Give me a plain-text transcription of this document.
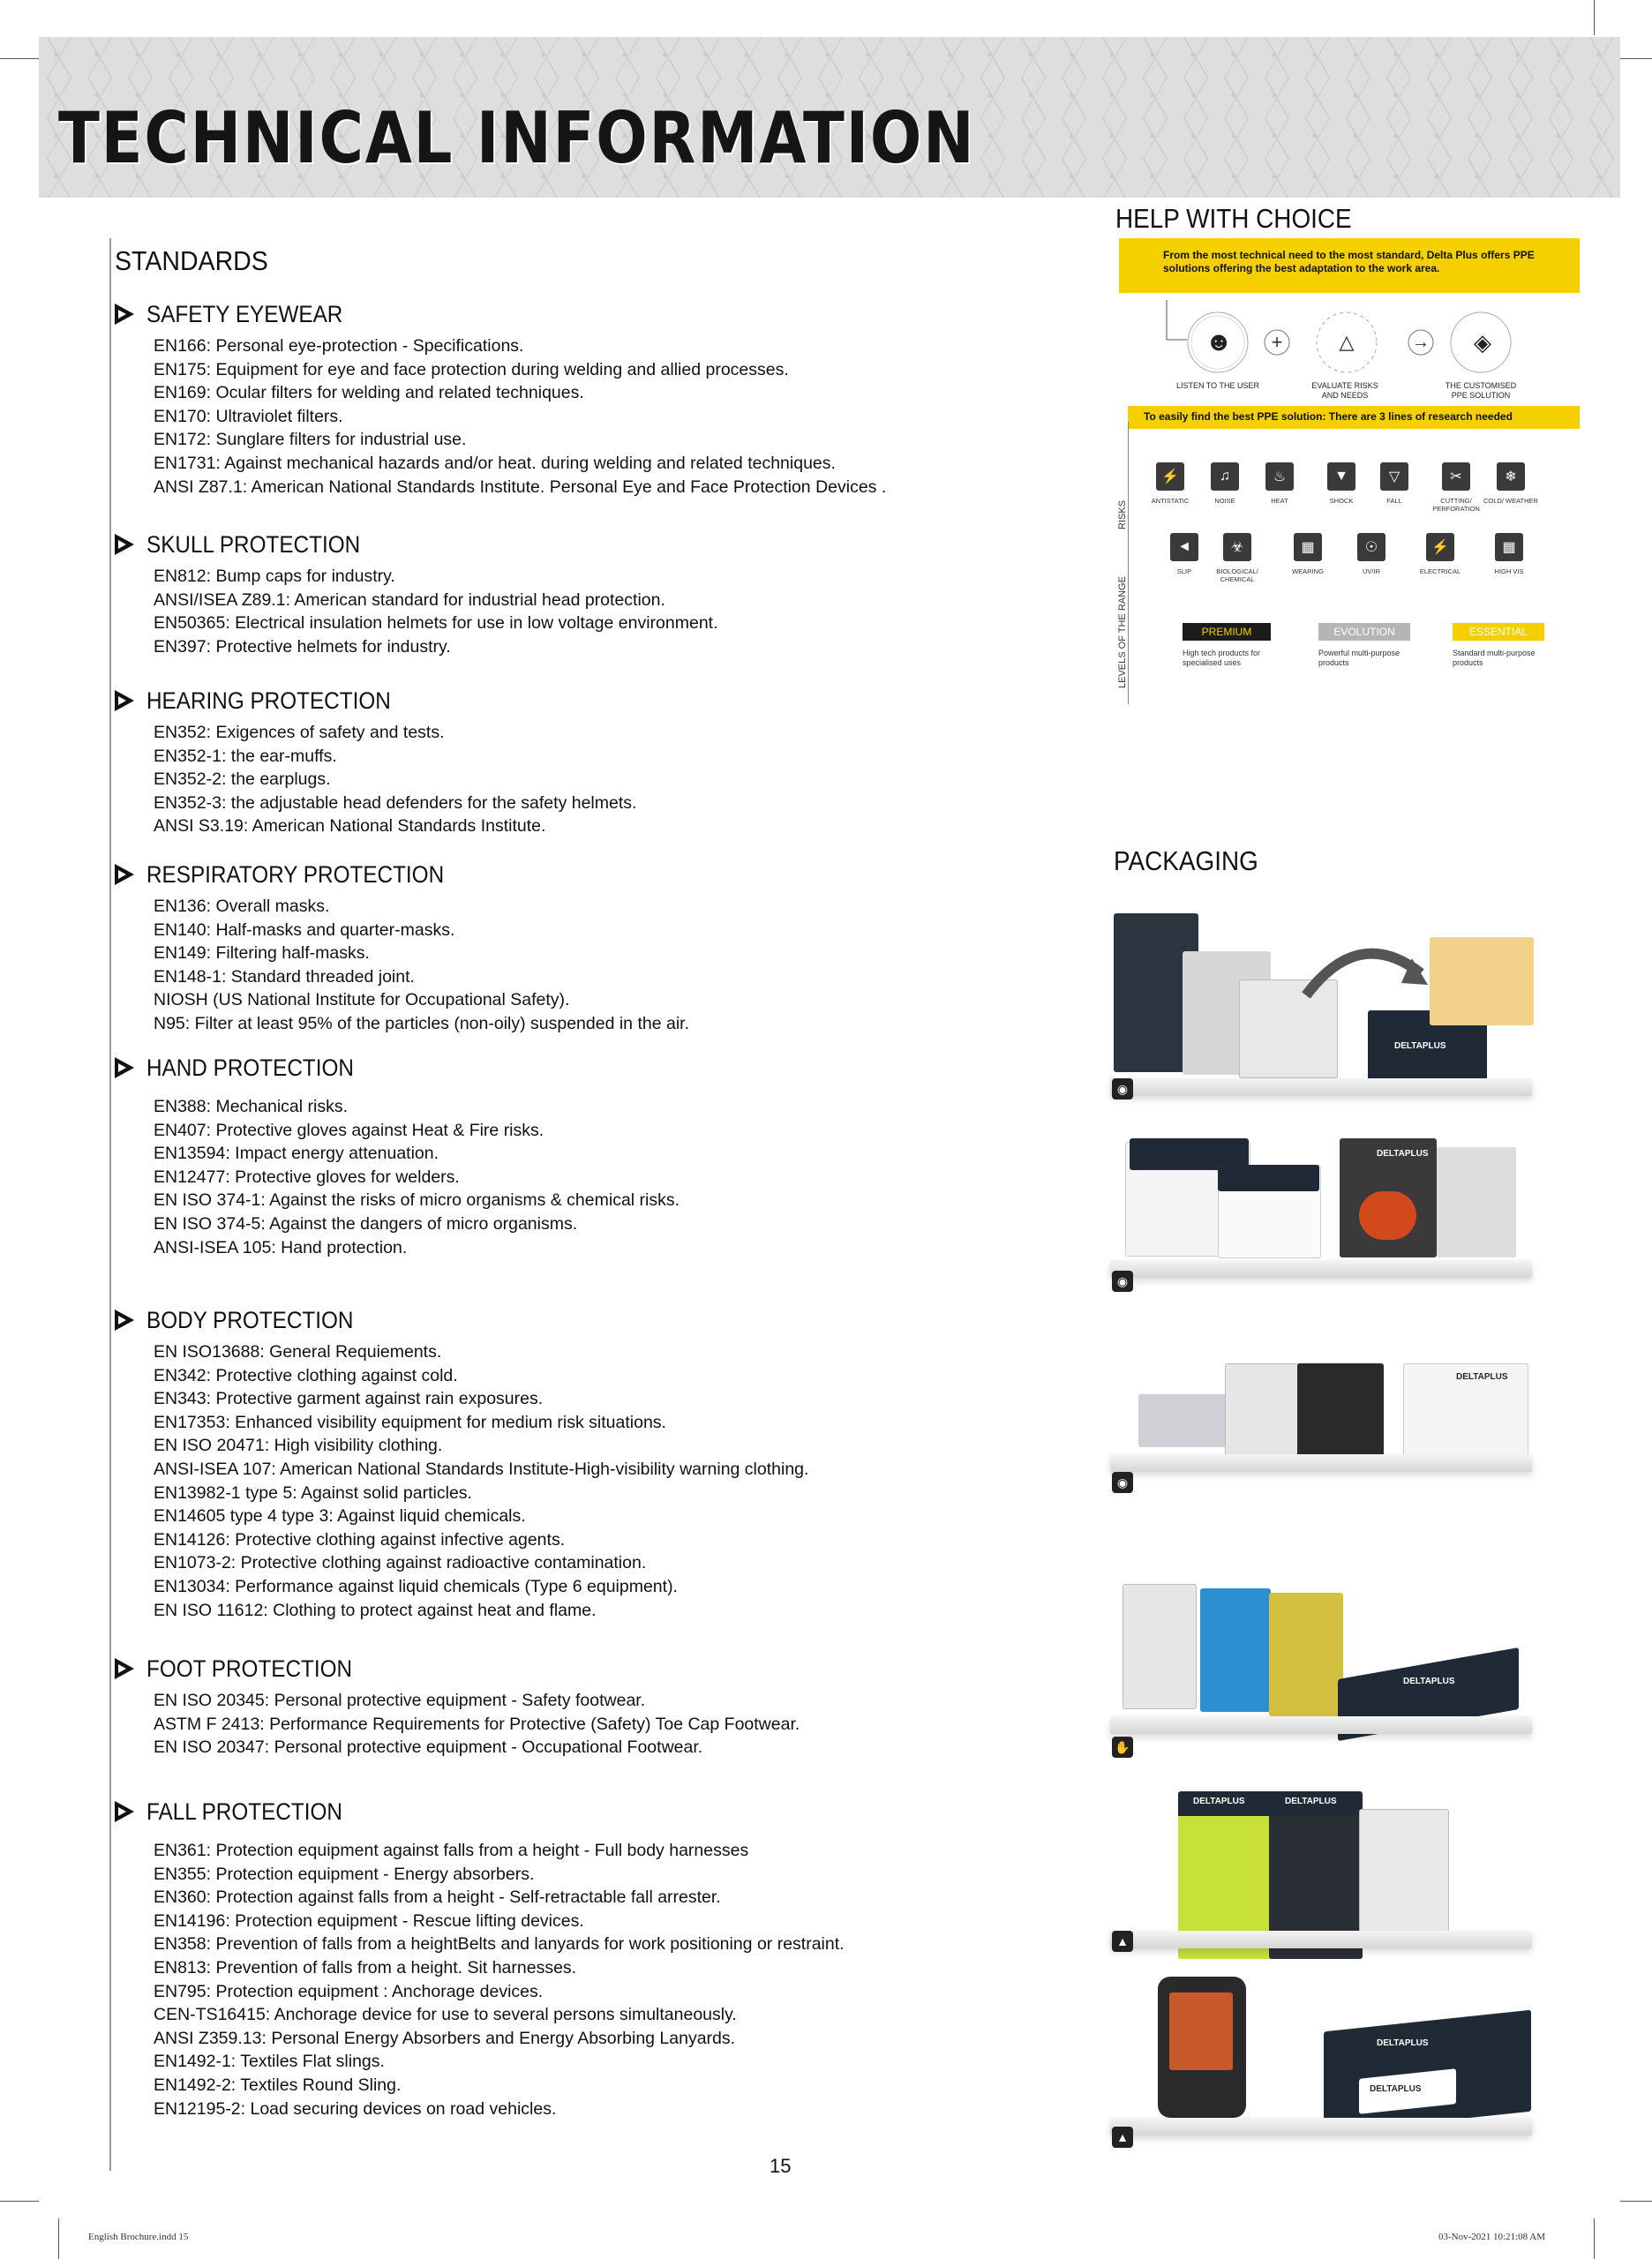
TECHNICAL INFORMATION
STANDARDS
SAFETY EYEWEAR
EN166: Personal eye-protection - Specifications.
EN175: Equipment for eye and face protection during welding and allied processes.
EN169: Ocular filters for welding and related techniques.
EN170: Ultraviolet filters.
EN172: Sunglare filters for industrial use.
EN1731: Against mechanical hazards and/or heat. during welding and related techniques.
ANSI Z87.1: American National Standards Institute. Personal Eye and Face Protection Devices .
SKULL PROTECTION
EN812: Bump caps for industry.
ANSI/ISEA Z89.1: American standard for industrial head protection.
EN50365: Electrical insulation helmets for use in low voltage environment.
EN397: Protective helmets for industry.
HEARING PROTECTION
EN352: Exigences of safety and tests.
EN352-1: the ear-muffs.
EN352-2: the earplugs.
EN352-3: the adjustable head defenders for the safety helmets.
ANSI S3.19: American National Standards Institute.
RESPIRATORY PROTECTION
EN136: Overall masks.
EN140: Half-masks and quarter-masks.
EN149: Filtering half-masks.
EN148-1: Standard threaded joint.
NIOSH (US National Institute for Occupational Safety).
N95: Filter at least 95% of the particles (non-oily) suspended in the air.
HAND PROTECTION
EN388: Mechanical risks.
EN407: Protective gloves against Heat & Fire risks.
EN13594: Impact energy attenuation.
EN12477: Protective gloves for welders.
EN ISO 374-1: Against the risks of micro organisms & chemical risks.
EN ISO 374-5: Against the dangers of micro organisms.
ANSI-ISEA 105: Hand protection.
BODY PROTECTION
EN ISO13688: General Requiements.
EN342: Protective clothing against cold.
EN343: Protective garment against rain exposures.
EN17353: Enhanced visibility equipment for medium risk situations.
EN ISO 20471: High visibility clothing.
ANSI-ISEA 107: American National Standards Institute-High-visibility warning clothing.
EN13982-1 type 5: Against solid particles.
EN14605 type 4 type 3: Against liquid chemicals.
EN14126: Protective clothing against infective agents.
EN1073-2: Protective clothing against radioactive contamination.
EN13034: Performance against liquid chemicals (Type 6 equipment).
EN ISO 11612: Clothing to protect against heat and flame.
FOOT PROTECTION
EN ISO 20345: Personal protective equipment - Safety footwear.
ASTM F 2413: Performance Requirements for Protective (Safety) Toe Cap Footwear.
EN ISO 20347: Personal protective equipment - Occupational Footwear.
FALL PROTECTION
EN361: Protection equipment against falls from a height - Full body harnesses
EN355: Protection equipment - Energy absorbers.
EN360: Protection against falls from a height - Self-retractable fall arrester.
EN14196: Protection equipment - Rescue lifting devices.
EN358: Prevention of falls from a heightBelts and lanyards for work positioning or restraint.
EN813: Prevention of falls from a height. Sit harnesses.
EN795: Protection equipment : Anchorage devices.
CEN-TS16415: Anchorage device for use to several persons simultaneously.
ANSI Z359.13: Personal Energy Absorbers and Energy Absorbing Lanyards.
EN1492-1: Textiles Flat slings.
EN1492-2: Textiles Round Sling.
EN12195-2: Load securing devices on road vehicles.
HELP WITH CHOICE
From the most technical need to the most standard, Delta Plus offers PPE solutions offering the best adaptation to the work area.
☻	+	△	→	◈
LISTEN TO THE USER	EVALUATE RISKS AND NEEDS
THE CUSTOMISED PPE SOLUTION
To easily find the best PPE solution: There are 3 lines of research needed
RISKS
LEVELS OF THE RANGE
⚡	♫	♨	▼	▽	✂	❄
ANTISTATIC	NOISE	HEAT	SHOCK	FALL	CUTTING/ PERFORATION
COLD/ WEATHER
◄	☣	▦	☉	⚡	▦
SLIP	BIOLOGICAL/ CHEMICAL
WEARING	UV/IR	ELECTRICAL	HIGH VIS
PREMIUM	EVOLUTION	ESSENTIAL
High tech products for specialised uses
Powerful multi-purpose products
Standard multi-purpose products
PACKAGING
DELTAPLUS
◉
DELTAPLUS
◉
DELTAPLUS
◉
DELTAPLUS
✋
DELTAPLUS	DELTAPLUS
▲
DELTAPLUS
DELTAPLUS
▲
15
English Brochure.indd 15	03-Nov-2021 10:21:08 AM
